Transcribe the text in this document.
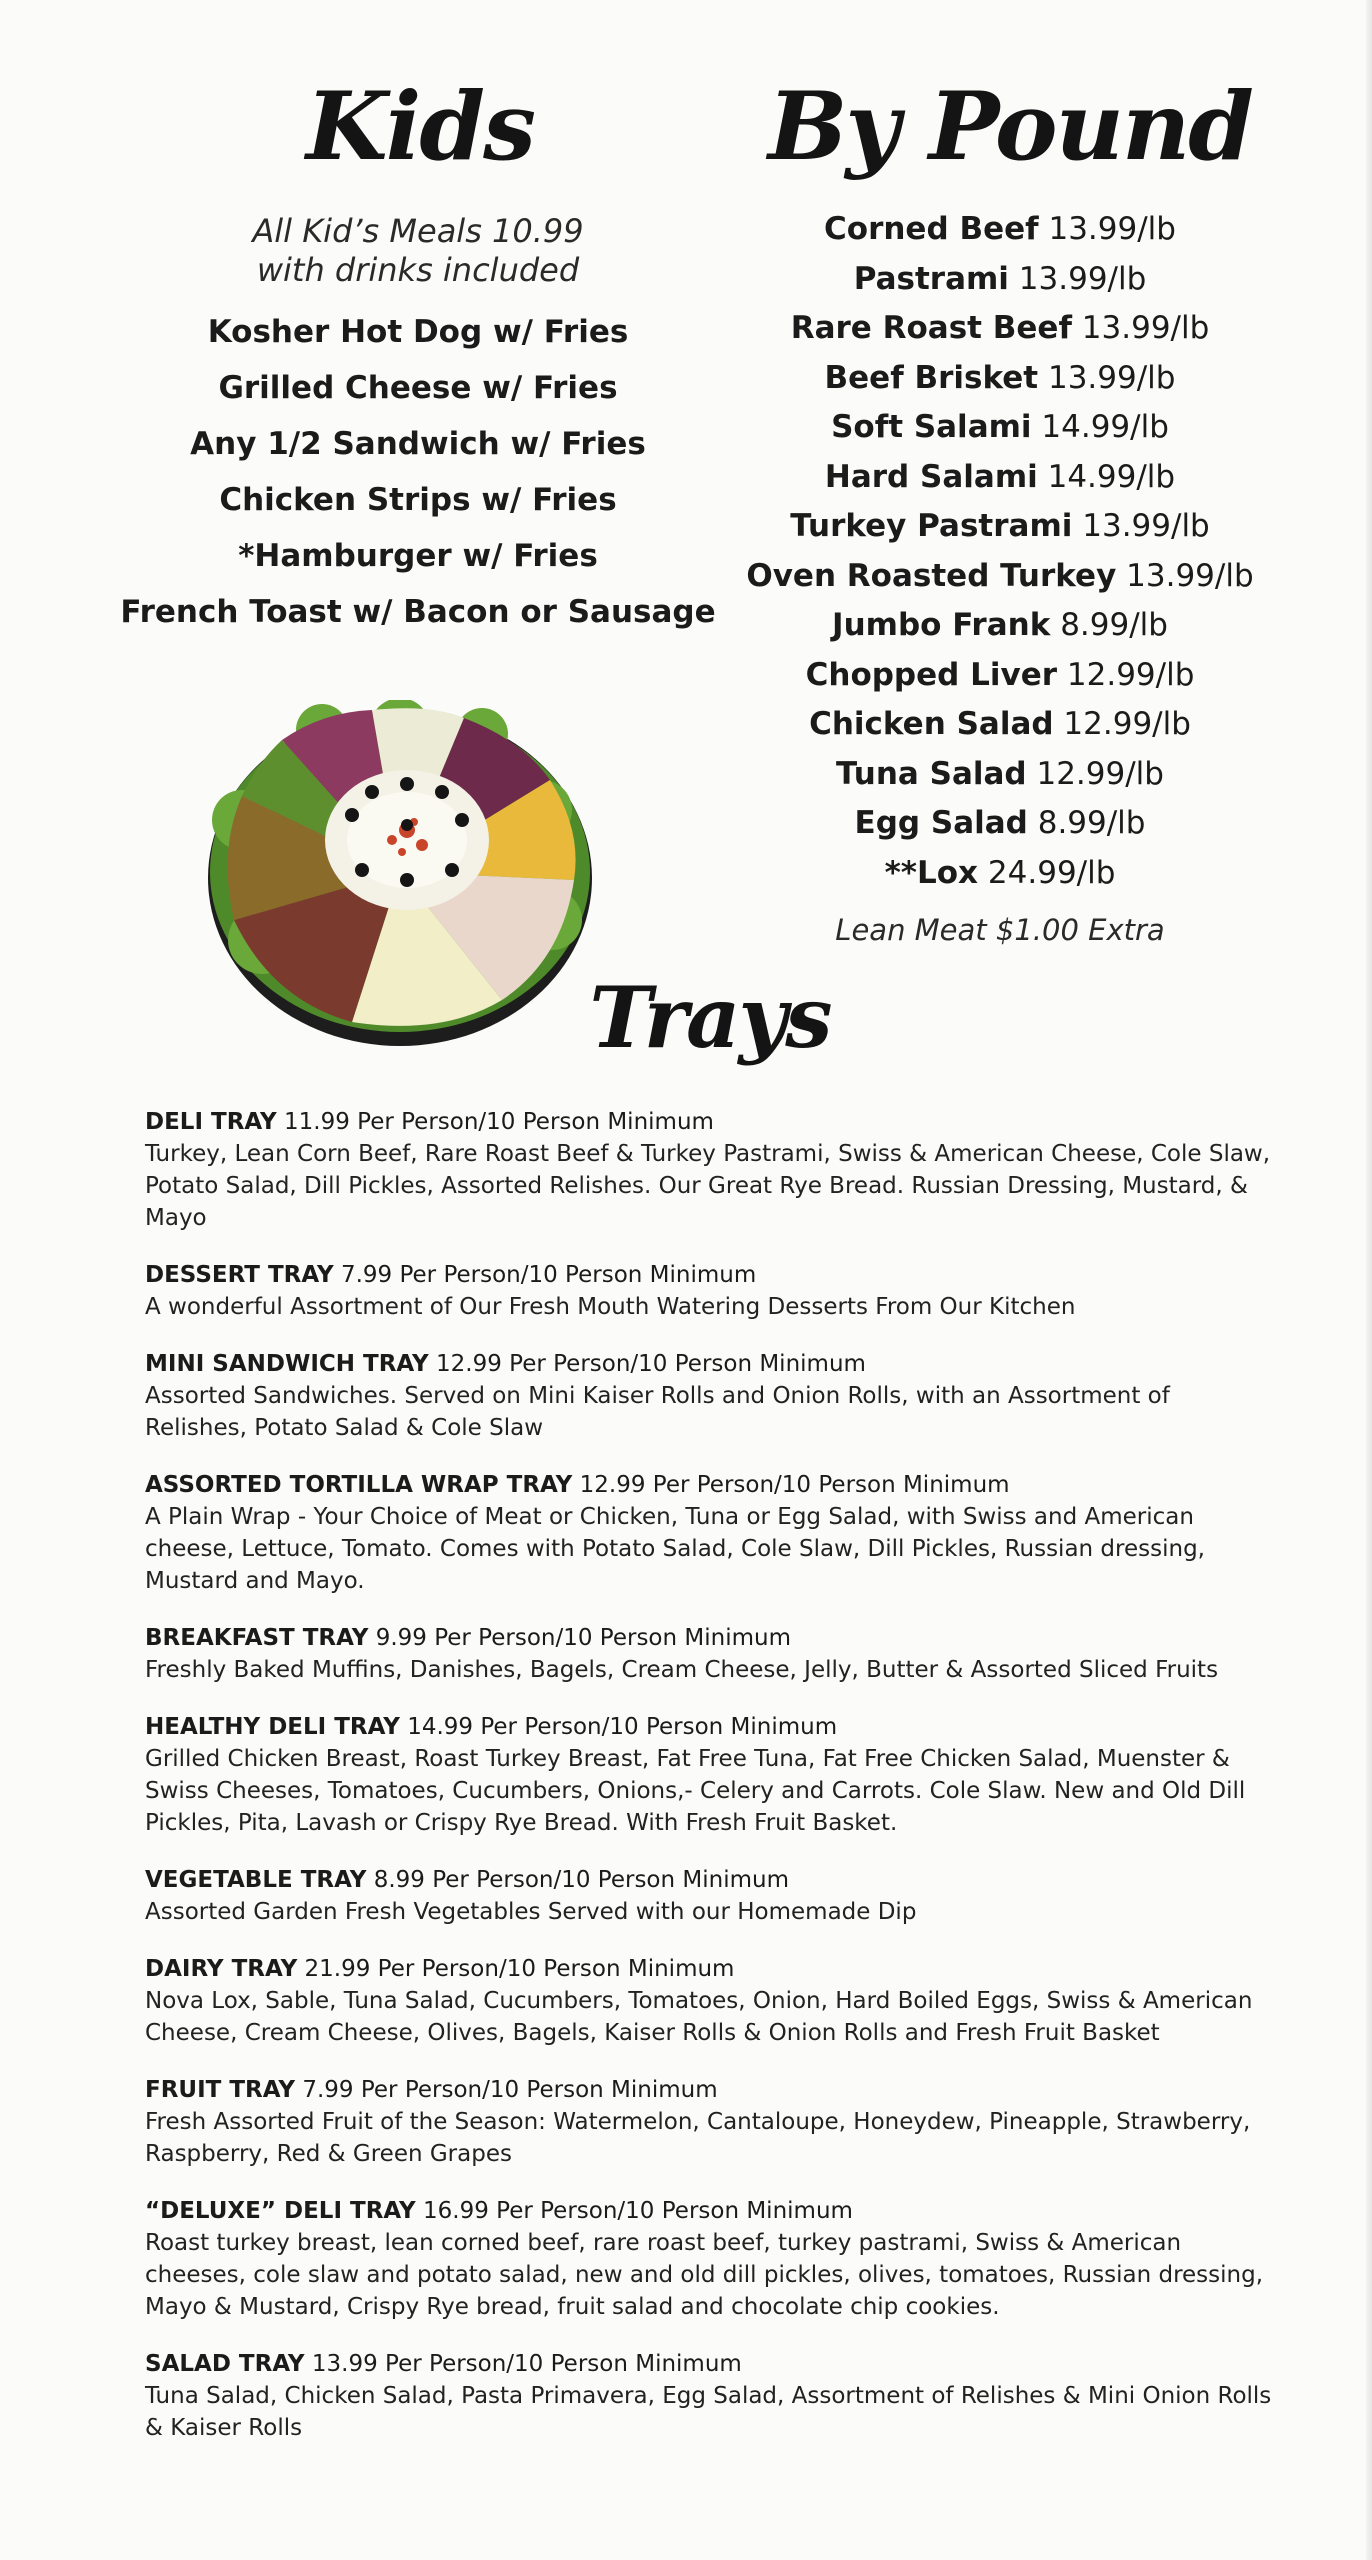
Kids	By Pound
All Kid’s Meals 10.99
with drinks included
Kosher Hot Dog w/ Fries
Grilled Cheese w/ Fries
Any 1/2 Sandwich w/ Fries
Chicken Strips w/ Fries
*Hamburger w/ Fries
French Toast w/ Bacon or Sausage
Corned Beef 13.99/lb
Pastrami 13.99/lb
Rare Roast Beef 13.99/lb
Beef Brisket 13.99/lb
Soft Salami 14.99/lb
Hard Salami 14.99/lb
Turkey Pastrami 13.99/lb
Oven Roasted Turkey 13.99/lb
Jumbo Frank 8.99/lb
Chopped Liver 12.99/lb
Chicken Salad 12.99/lb
Tuna Salad 12.99/lb
Egg Salad 8.99/lb
**Lox 24.99/lb
Lean Meat $1.00 Extra
Trays
DELI TRAY 11.99 Per Person/10 Person Minimum
Turkey, Lean Corn Beef, Rare Roast Beef & Turkey Pastrami, Swiss & American Cheese, Cole Slaw, Potato Salad, Dill Pickles, Assorted Relishes. Our Great Rye Bread. Russian Dressing, Mustard, & Mayo
DESSERT TRAY 7.99 Per Person/10 Person Minimum
A wonderful Assortment of Our Fresh Mouth Watering Desserts From Our Kitchen
MINI SANDWICH TRAY 12.99 Per Person/10 Person Minimum
Assorted Sandwiches. Served on Mini Kaiser Rolls and Onion Rolls, with an Assortment of Relishes, Potato Salad & Cole Slaw
ASSORTED TORTILLA WRAP TRAY 12.99 Per Person/10 Person Minimum
A Plain Wrap - Your Choice of Meat or Chicken, Tuna or Egg Salad, with Swiss and American cheese, Lettuce, Tomato. Comes with Potato Salad, Cole Slaw, Dill Pickles, Russian dressing, Mustard and Mayo.
BREAKFAST TRAY 9.99 Per Person/10 Person Minimum
Freshly Baked Muffins, Danishes, Bagels, Cream Cheese, Jelly, Butter & Assorted Sliced Fruits
HEALTHY DELI TRAY 14.99 Per Person/10 Person Minimum
Grilled Chicken Breast, Roast Turkey Breast, Fat Free Tuna, Fat Free Chicken Salad, Muenster & Swiss Cheeses, Tomatoes, Cucumbers, Onions,- Celery and Carrots. Cole Slaw. New and Old Dill Pickles, Pita, Lavash or Crispy Rye Bread. With Fresh Fruit Basket.
VEGETABLE TRAY 8.99 Per Person/10 Person Minimum
Assorted Garden Fresh Vegetables Served with our Homemade Dip
DAIRY TRAY 21.99 Per Person/10 Person Minimum
Nova Lox, Sable, Tuna Salad, Cucumbers, Tomatoes, Onion, Hard Boiled Eggs, Swiss & American Cheese, Cream Cheese, Olives, Bagels, Kaiser Rolls & Onion Rolls and Fresh Fruit Basket
FRUIT TRAY 7.99 Per Person/10 Person Minimum
Fresh Assorted Fruit of the Season: Watermelon, Cantaloupe, Honeydew, Pineapple, Strawberry, Raspberry, Red & Green Grapes
“DELUXE” DELI TRAY 16.99 Per Person/10 Person Minimum
Roast turkey breast, lean corned beef, rare roast beef, turkey pastrami, Swiss & American cheeses, cole slaw and potato salad, new and old dill pickles, olives, tomatoes, Russian dressing, Mayo & Mustard, Crispy Rye bread, fruit salad and chocolate chip cookies.
SALAD TRAY 13.99 Per Person/10 Person Minimum
Tuna Salad, Chicken Salad, Pasta Primavera, Egg Salad, Assortment of Relishes & Mini Onion Rolls & Kaiser Rolls
